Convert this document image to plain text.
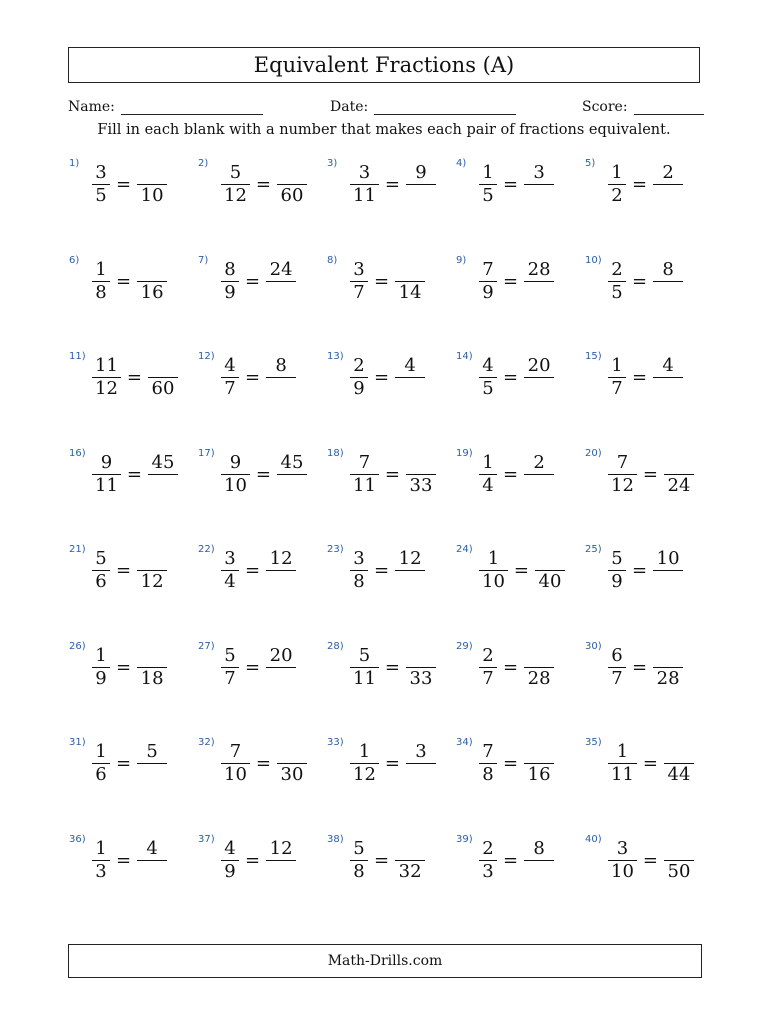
Equivalent Fractions (A)
Name:	Date:	Score:
Fill in each blank with a number that makes each pair of fractions equivalent.
$1) \frac{3}{5}$ =
10
$2) \frac{5}{12}$ =
60
$3) \frac{3}{11}$ =
9	$4) \frac{1}{5}$ =
3	$5) \frac{1}{2}$ =
2
$6) \frac{1}{8}$ =
16
$7) \frac{8}{9}$ =
24	$8) \frac{3}{7}$ =
14
$9) \frac{7}{9}$ =
28	$10) \frac{2}{5}$ =
8
$11) \frac{11}{12}$ =
60
$12) \frac{4}{7}$ =
8	$13) \frac{2}{9}$ =
4	$14) \frac{4}{5}$ =
20	$15) \frac{1}{7}$ =
4
$16) \frac{9}{11}$ =
45	$17) \frac{9}{10}$ =
45	$18) \frac{7}{11}$ =
33
$19) \frac{1}{4}$ =
2	$20) \frac{7}{12}$ =
24
$21) \frac{5}{6}$ =
12
$22) \frac{3}{4}$ =
12	$23) \frac{3}{8}$ =
12	$24) \frac{1}{10}$ =
40
$25) \frac{5}{9}$ =
10
$26) \frac{1}{9}$ =
18
$27) \frac{5}{7}$ =
20	$28) \frac{5}{11}$ =
33
$29) \frac{2}{7}$ =
28
$30) \frac{6}{7}$ =
28
$31) \frac{1}{6}$ =
5	$32) \frac{7}{10}$ =
30
$33) \frac{1}{12}$ =
3	$34) \frac{7}{8}$ =
16
$35) \frac{1}{11}$ =
44
$36) \frac{1}{3}$ =
4	$37) \frac{4}{9}$ =
12	$38) \frac{5}{8}$ =
32
$39) \frac{2}{3}$ =
8	$40) \frac{3}{10}$ =
50
Math-Drills.com
